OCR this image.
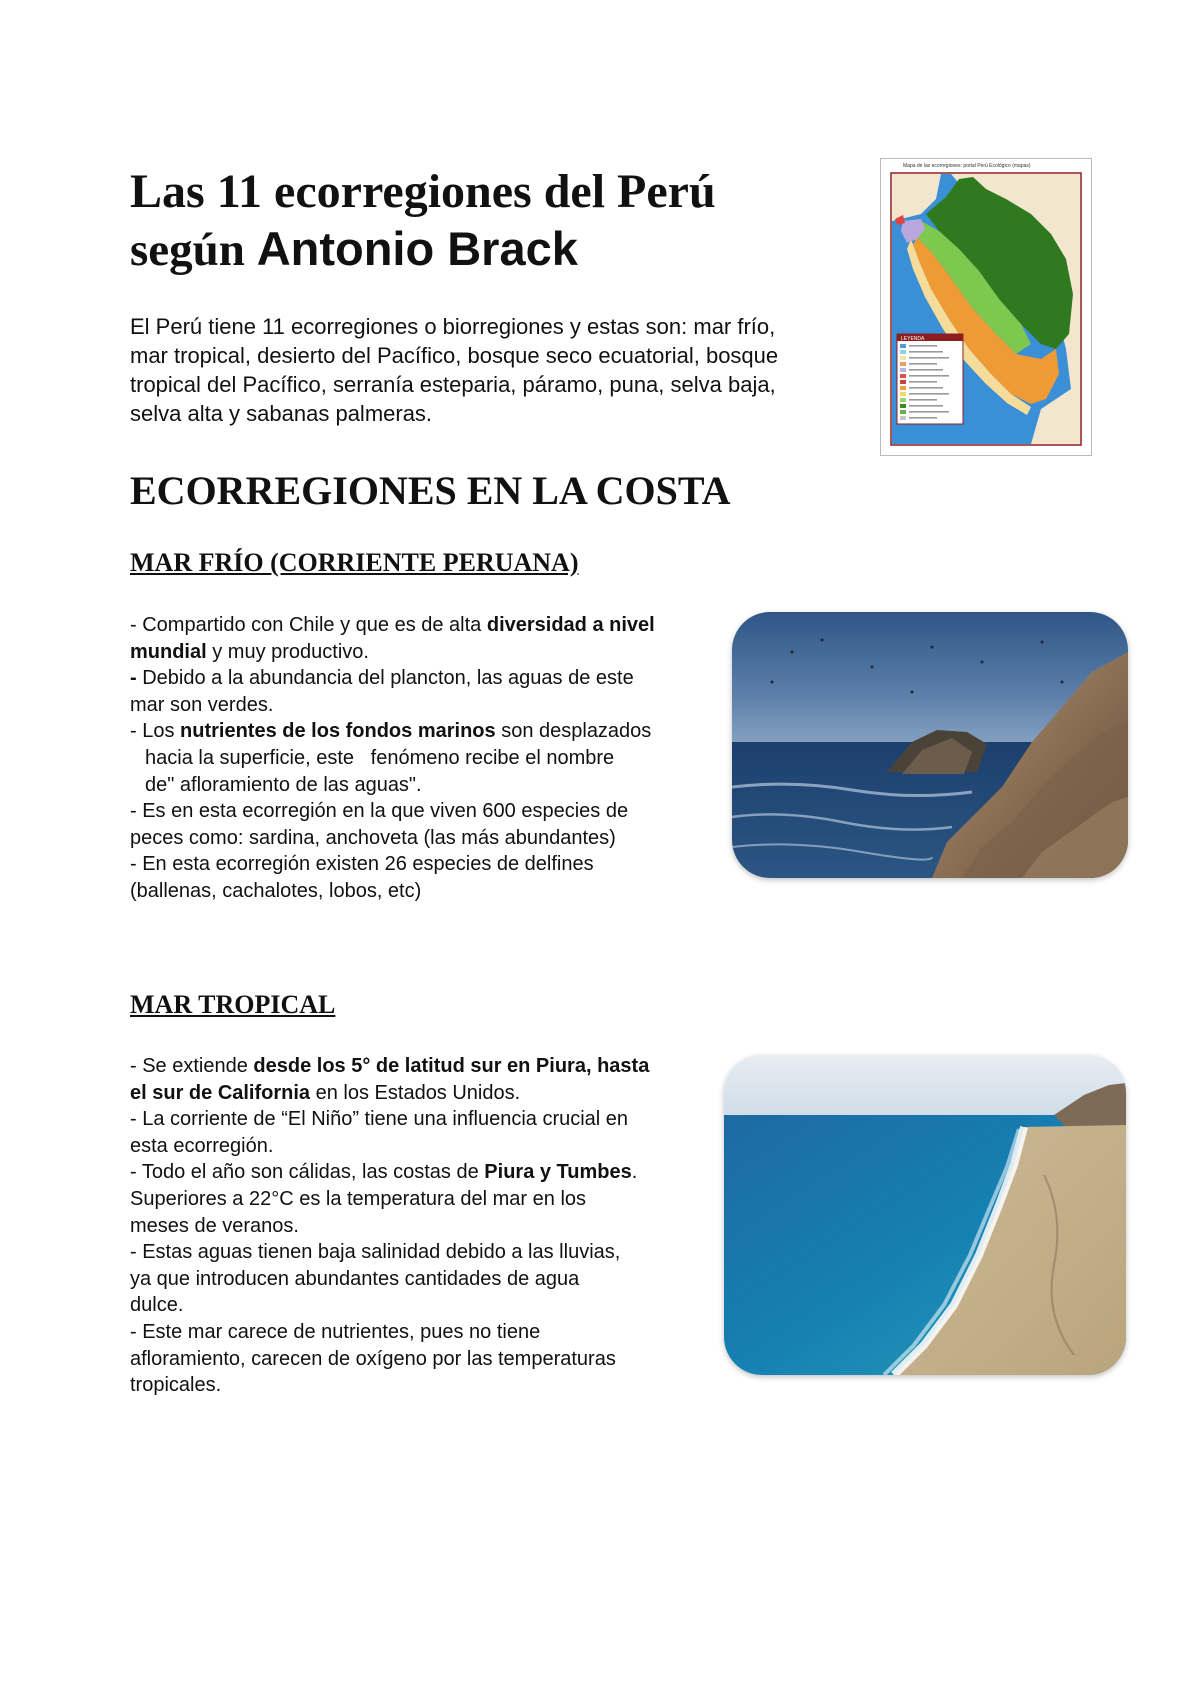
Las 11 ecorregiones del Perú
según Antonio Brack
El Perú tiene 11 ecorregiones o biorregiones y estas son: mar frío,
mar tropical, desierto del Pacífico, bosque seco ecuatorial, bosque
tropical del Pacífico, serranía esteparia, páramo, puna, selva baja,
selva alta y sabanas palmeras.
Mapa de las ecorregiones: portal Perú Ecológico (mapas)
LEYENDA
ECORREGIONES EN LA COSTA
MAR FRÍO (CORRIENTE PERUANA)
- Compartido con Chile y que es de alta diversidad a nivel
mundial y muy productivo.
- Debido a la abundancia del plancton, las aguas de este
mar son verdes.
- Los nutrientes de los fondos marinos son desplazados
hacia la superficie, este   fenómeno recibe el nombre
de" afloramiento de las aguas".
- Es en esta ecorregión en la que viven 600 especies de
peces como: sardina, anchoveta (las más abundantes)
- En esta ecorregión existen 26 especies de delfines
(ballenas, cachalotes, lobos, etc)
MAR TROPICAL
- Se extiende desde los 5° de latitud sur en Piura, hasta
el sur de California en los Estados Unidos.
- La corriente de “El Niño” tiene una influencia crucial en
esta ecorregión.
- Todo el año son cálidas, las costas de Piura y Tumbes.
Superiores a 22°C es la temperatura del mar en los
meses de veranos.
- Estas aguas tienen baja salinidad debido a las lluvias,
ya que introducen abundantes cantidades de agua
dulce.
- Este mar carece de nutrientes, pues no tiene
afloramiento, carecen de oxígeno por las temperaturas
tropicales.
